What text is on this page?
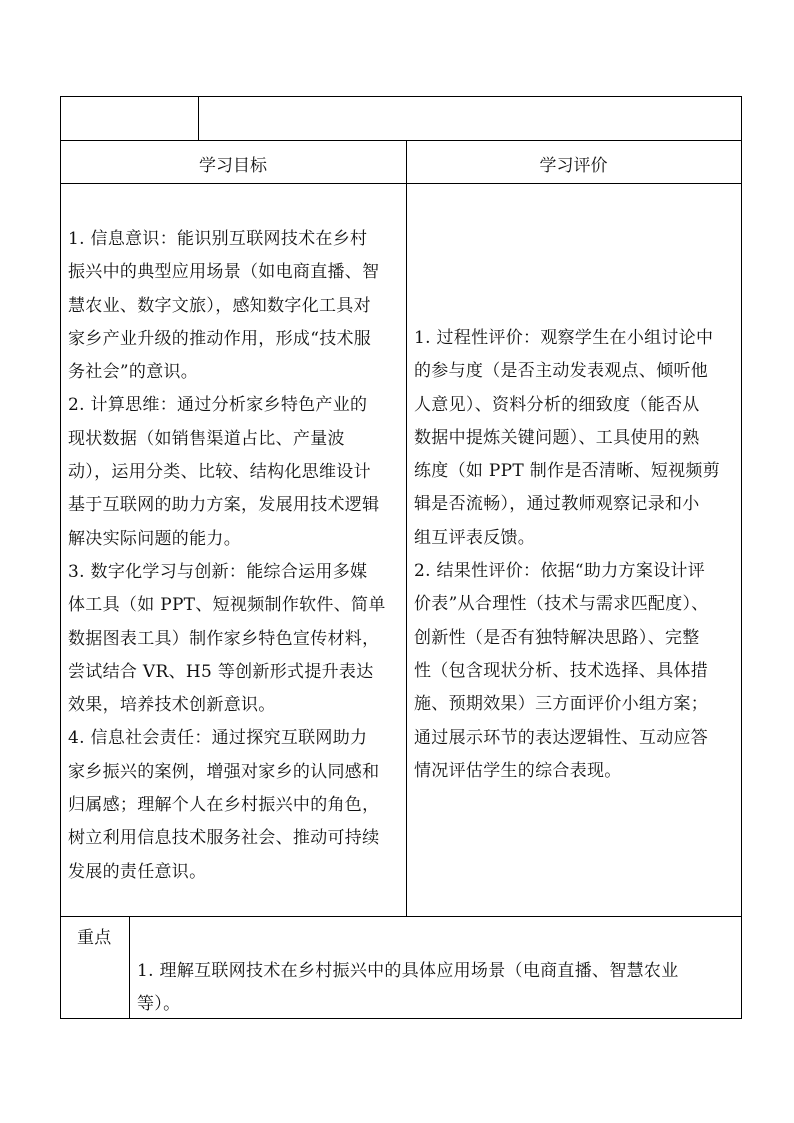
学习目标	学习评价
1. 信息意识：能识别互联网技术在乡村
振兴中的典型应用场景（如电商直播、智
慧农业、数字文旅），感知数字化工具对
家乡产业升级的推动作用，形成“技术服
务社会”的意识。
2. 计算思维：通过分析家乡特色产业的
现状数据（如销售渠道占比、产量波
动），运用分类、比较、结构化思维设计
基于互联网的助力方案，发展用技术逻辑
解决实际问题的能力。
3. 数字化学习与创新：能综合运用多媒
体工具（如 PPT、短视频制作软件、简单
数据图表工具）制作家乡特色宣传材料，
尝试结合 VR、H5 等创新形式提升表达
效果，培养技术创新意识。
4. 信息社会责任：通过探究互联网助力
家乡振兴的案例，增强对家乡的认同感和
归属感；理解个人在乡村振兴中的角色，
树立利用信息技术服务社会、推动可持续
发展的责任意识。
1. 过程性评价：观察学生在小组讨论中
的参与度（是否主动发表观点、倾听他
人意见）、资料分析的细致度（能否从
数据中提炼关键问题）、工具使用的熟
练度（如 PPT 制作是否清晰、短视频剪
辑是否流畅），通过教师观察记录和小
组互评表反馈。
2. 结果性评价：依据“助力方案设计评
价表”从合理性（技术与需求匹配度）、
创新性（是否有独特解决思路）、完整
性（包含现状分析、技术选择、具体措
施、预期效果）三方面评价小组方案；
通过展示环节的表达逻辑性、互动应答
情况评估学生的综合表现。
重点
1. 理解互联网技术在乡村振兴中的具体应用场景（电商直播、智慧农业
等）。
